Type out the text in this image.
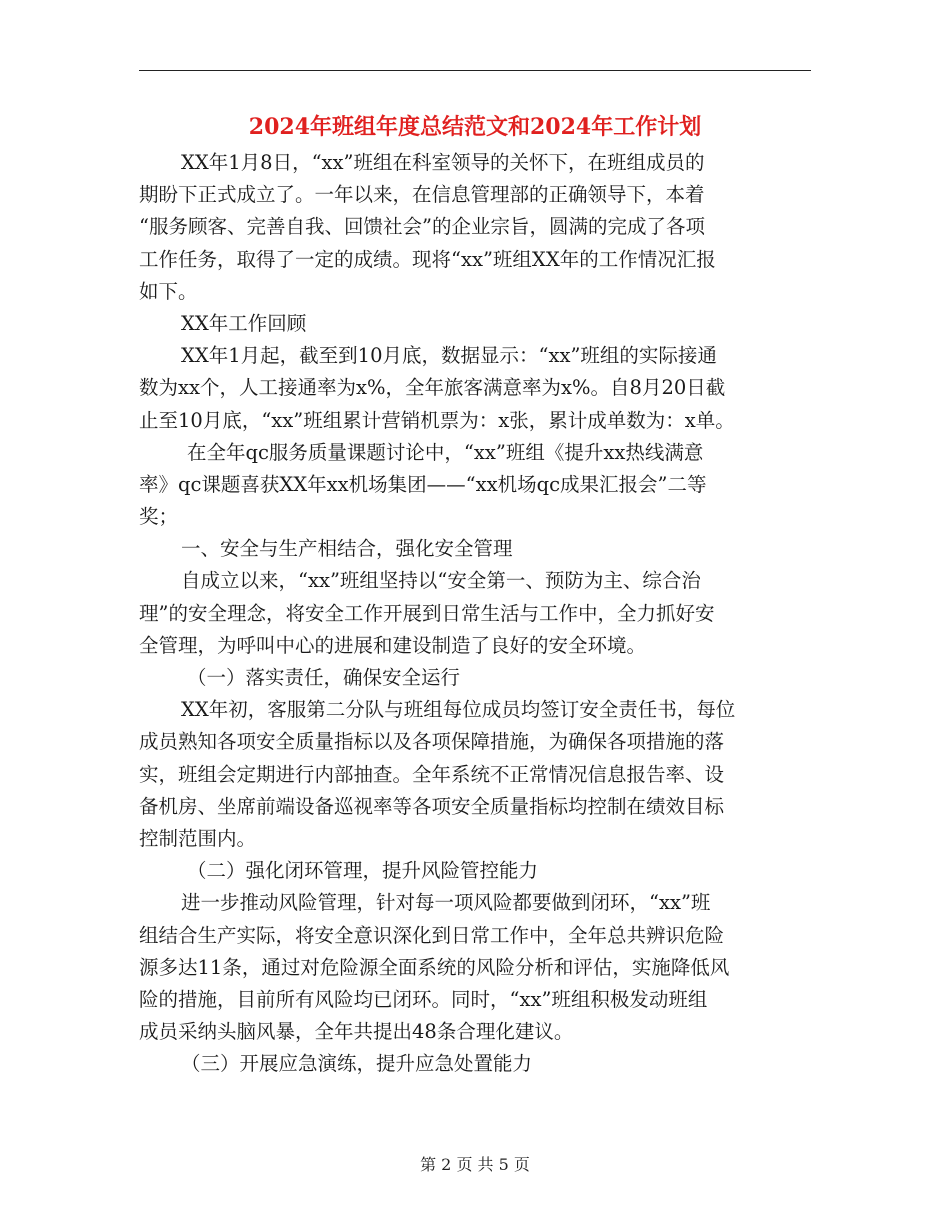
2024年班组年度总结范文和2024年工作计划
XX年1月8日，“xx”班组在科室领导的关怀下，在班组成员的
期盼下正式成立了。一年以来，在信息管理部的正确领导下，本着
“服务顾客、完善自我、回馈社会”的企业宗旨，圆满的完成了各项
工作任务，取得了一定的成绩。现将“xx”班组XX年的工作情况汇报
如下。
XX年工作回顾
XX年1月起，截至到10月底，数据显示：“xx”班组的实际接通
数为xx个，人工接通率为x%，全年旅客满意率为x%。自8月20日截
止至10月底，“xx”班组累计营销机票为：x张，累计成单数为：x单。
在全年qc服务质量课题讨论中，“xx”班组《提升xx热线满意
率》qc课题喜获XX年xx机场集团——“xx机场qc成果汇报会”二等
奖；
一、安全与生产相结合，强化安全管理
自成立以来，“xx”班组坚持以“安全第一、预防为主、综合治
理”的安全理念，将安全工作开展到日常生活与工作中，全力抓好安
全管理，为呼叫中心的进展和建设制造了良好的安全环境。
（一）落实责任，确保安全运行
XX年初，客服第二分队与班组每位成员均签订安全责任书，每位
成员熟知各项安全质量指标以及各项保障措施，为确保各项措施的落
实，班组会定期进行内部抽查。全年系统不正常情况信息报告率、设
备机房、坐席前端设备巡视率等各项安全质量指标均控制在绩效目标
控制范围内。
（二）强化闭环管理，提升风险管控能力
进一步推动风险管理，针对每一项风险都要做到闭环，“xx”班
组结合生产实际，将安全意识深化到日常工作中，全年总共辨识危险
源多达11条，通过对危险源全面系统的风险分析和评估，实施降低风
险的措施，目前所有风险均已闭环。同时，“xx”班组积极发动班组
成员采纳头脑风暴，全年共提出48条合理化建议。
（三）开展应急演练，提升应急处置能力
第 2 页 共 5 页
